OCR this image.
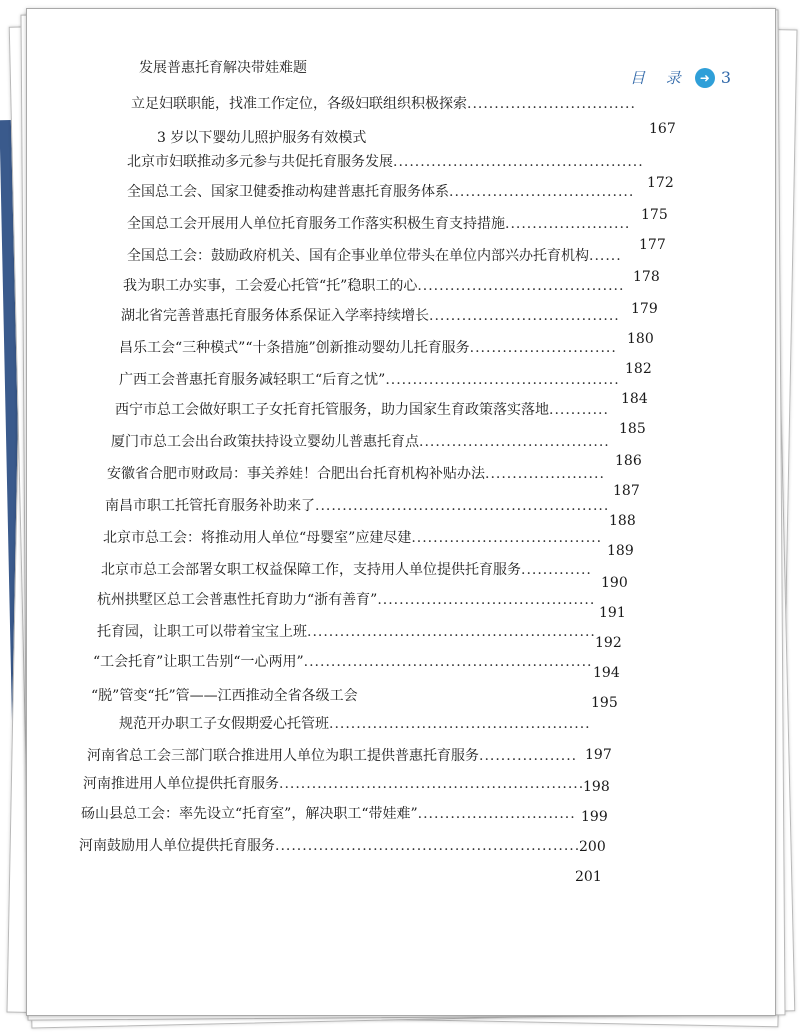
目 录 ➜ 3
发展普惠托育解决带娃难题
立足妇联职能，找准工作定位，各级妇联组织积极探索...............................
167
3 岁以下婴幼儿照护服务有效模式
北京市妇联推动多元参与共促托育服务发展..............................................
172
全国总工会、国家卫健委推动构建普惠托育服务体系..................................
175
全国总工会开展用人单位托育服务工作落实积极生育支持措施.......................
177
全国总工会：鼓励政府机关、国有企事业单位带头在单位内部兴办托育机构......
178
我为职工办实事，工会爱心托管“托”稳职工的心......................................
179
湖北省完善普惠托育服务体系保证入学率持续增长...................................
180
昌乐工会“三种模式”“十条措施”创新推动婴幼儿托育服务...........................
182
广西工会普惠托育服务减轻职工“后育之忧”...........................................
184
西宁市总工会做好职工子女托育托管服务，助力国家生育政策落实落地...........
185
厦门市总工会出台政策扶持设立婴幼儿普惠托育点...................................
186
安徽省合肥市财政局：事关养娃！合肥出台托育机构补贴办法......................
187
南昌市职工托管托育服务补助来了......................................................
188
北京市总工会：将推动用人单位“母婴室”应建尽建...................................
189
北京市总工会部署女职工权益保障工作，支持用人单位提供托育服务.............
190
杭州拱墅区总工会普惠性托育助力“浙有善育”........................................
191
托育园，让职工可以带着宝宝上班.....................................................
192
“工会托育”让职工告别“一心两用”.....................................................
194
“脱”管变“托”管——江西推动全省各级工会	195
规范开办职工子女假期爱心托管班................................................
河南省总工会三部门联合推进用人单位为职工提供普惠托育服务.................. 197
河南推进用人单位提供托育服务........................................................
198
砀山县总工会：率先设立“托育室”，解决职工“带娃难”............................. 199
河南鼓励用人单位提供托育服务........................................................
200
201
